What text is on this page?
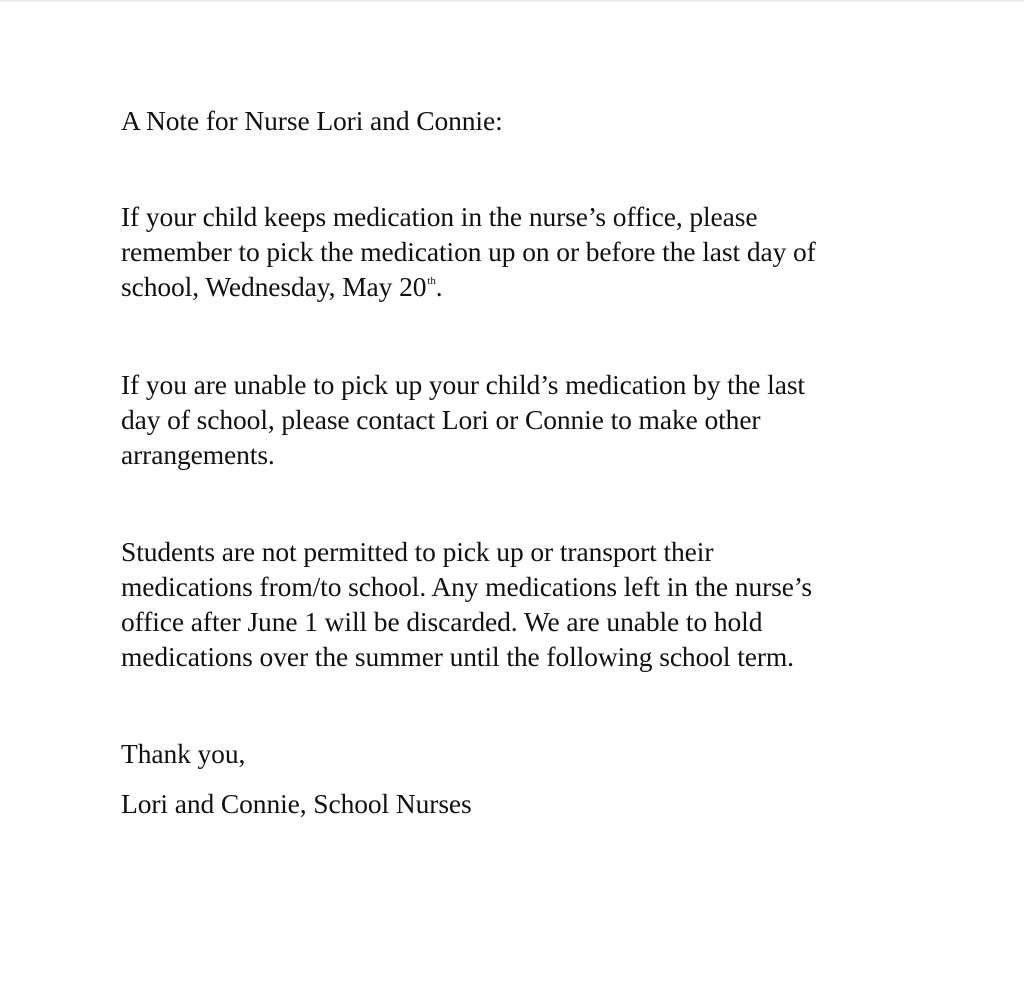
A Note for Nurse Lori and Connie:

If your child keeps medication in the nurse’s office, please
remember to pick the medication up on or before the last day of
school, Wednesday, May 20th.

If you are unable to pick up your child’s medication by the last
day of school, please contact Lori or Connie to make other
arrangements.

Students are not permitted to pick up or transport their
medications from/to school. Any medications left in the nurse’s
office after June 1 will be discarded. We are unable to hold
medications over the summer until the following school term.

Thank you,

Lori and Connie, School Nurses
